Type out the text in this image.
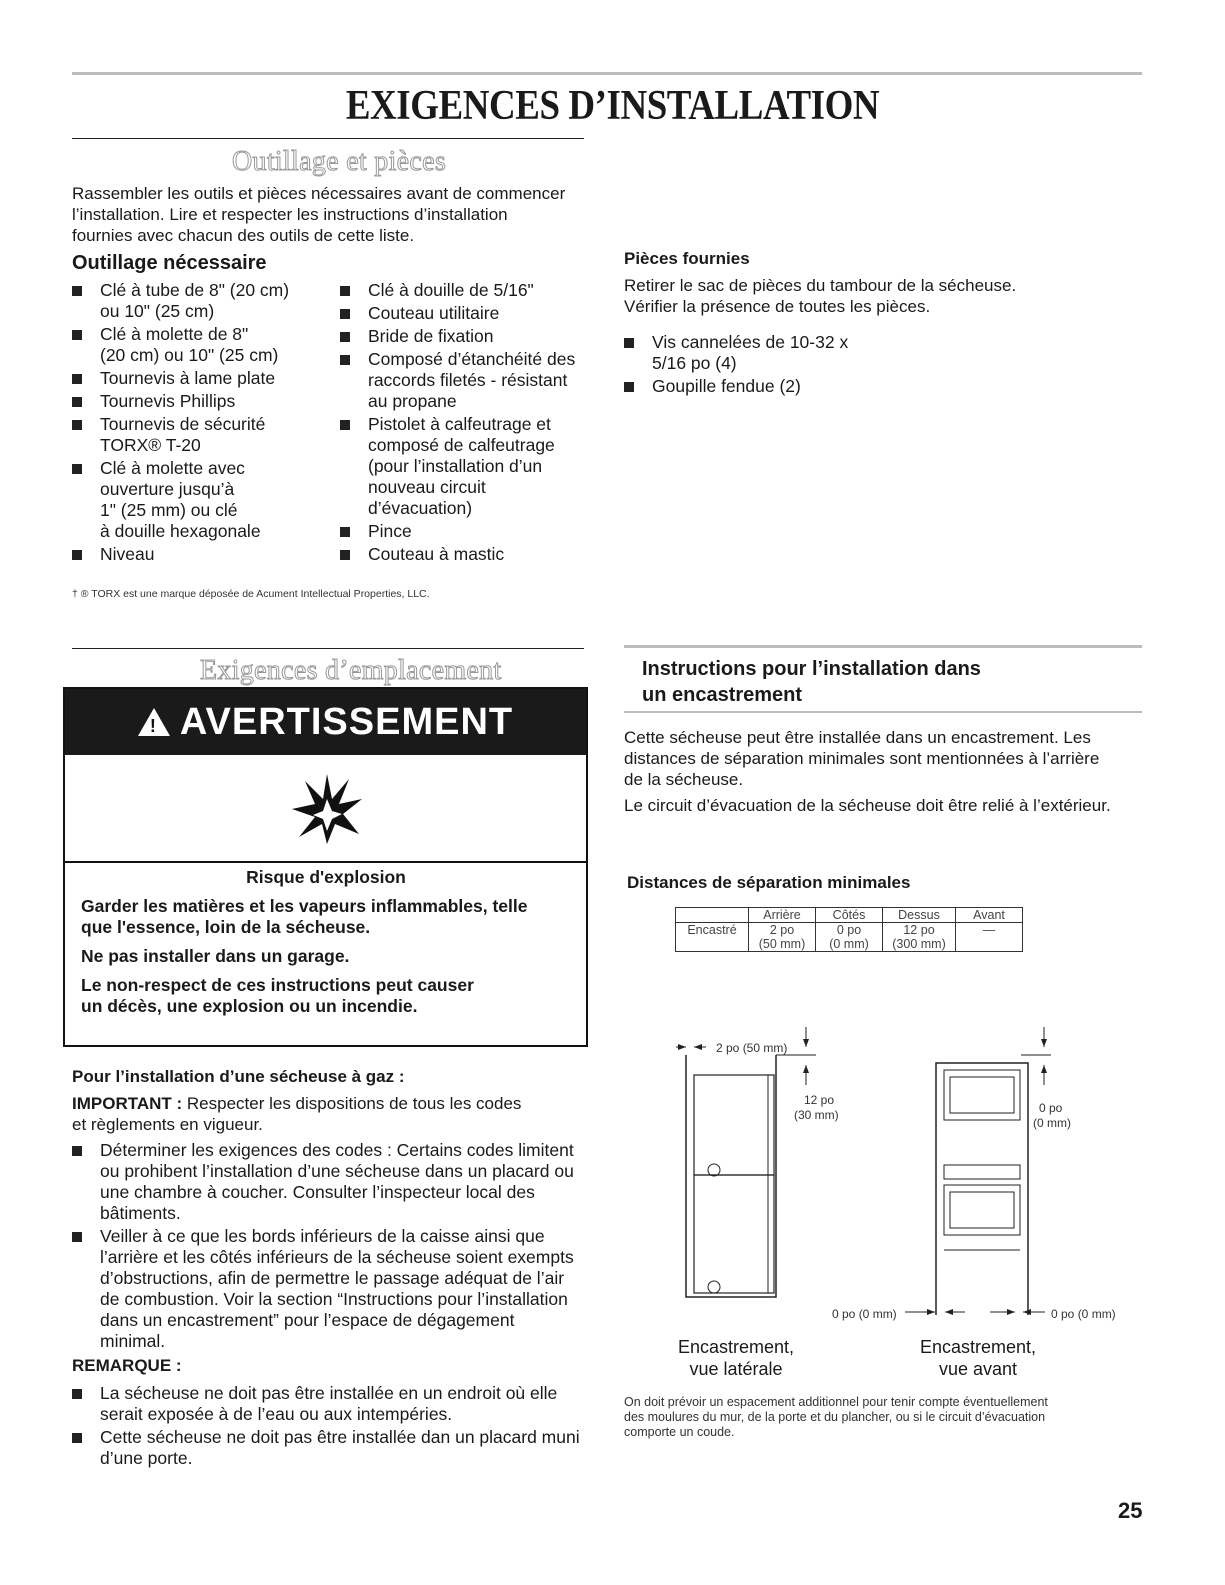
EXIGENCES D’INSTALLATION
Outillage et pièces
Rassembler les outils et pièces nécessaires avant de commencer
l’installation. Lire et respecter les instructions d’installation
fournies avec chacun des outils de cette liste.
Outillage nécessaire
Clé à tube de 8" (20 cm)
ou 10" (25 cm)
Clé à molette de 8"
(20 cm) ou 10" (25 cm)
Tournevis à lame plate
Tournevis Phillips
Tournevis de sécurité
TORX® T-20
Clé à molette avec
ouverture jusqu’à
1" (25 mm) ou clé
à douille hexagonale
Niveau
Clé à douille de 5/16"
Couteau utilitaire
Bride de fixation
Composé d’étanchéité des
raccords filetés - résistant
au propane
Pistolet à calfeutrage et
composé de calfeutrage
(pour l’installation d’un
nouveau circuit
d’évacuation)
Pince
Couteau à mastic
† ® TORX est une marque déposée de Acument Intellectual Properties, LLC.
Pièces fournies
Retirer le sac de pièces du tambour de la sécheuse.
Vérifier la présence de toutes les pièces.
Vis cannelées de 10-32 x
5/16 po (4)
Goupille fendue (2)
Exigences d’emplacement
! AVERTISSEMENT

Risque d'explosion

Garder les matières et les vapeurs inflammables, telle

que l'essence, loin de la sécheuse.

Ne pas installer dans un garage.

Le non-respect de ces instructions peut causer

un décès, une explosion ou un incendie.

Pour l’installation d’une sécheuse à gaz :
IMPORTANT : Respecter les dispositions de tous les codes
et règlements en vigueur.
Déterminer les exigences des codes : Certains codes limitent
ou prohibent l’installation d’une sécheuse dans un placard ou
une chambre à coucher. Consulter l’inspecteur local des
bâtiments.
Veiller à ce que les bords inférieurs de la caisse ainsi que
l’arrière et les côtés inférieurs de la sécheuse soient exempts
d’obstructions, afin de permettre le passage adéquat de l’air
de combustion. Voir la section “Instructions pour l’installation
dans un encastrement” pour l’espace de dégagement
minimal.
REMARQUE :
La sécheuse ne doit pas être installée en un endroit où elle
serait exposée à de l’eau ou aux intempéries.
Cette sécheuse ne doit pas être installée dan un placard muni
d’une porte.
Instructions pour l’installation dans
un encastrement
Cette sécheuse peut être installée dans un encastrement. Les
distances de séparation minimales sont mentionnées à l’arrière
de la sécheuse.
Le circuit d’évacuation de la sécheuse doit être relié à l’extérieur.
Distances de séparation minimales
	Arrière	Côtés	Dessus	Avant
Encastré	2 po	0 po	12 po	—
	(50 mm)	(0 mm)	(300 mm)	
2 po (50 mm)
12 po
(30 mm)	0 po
(0 mm)
0 po (0 mm)	0 po (0 mm)
Encastrement,
vue latérale
Encastrement,
vue avant
On doit prévoir un espacement additionnel pour tenir compte éventuellement
des moulures du mur, de la porte et du plancher, ou si le circuit d’évacuation
comporte un coude.
25
